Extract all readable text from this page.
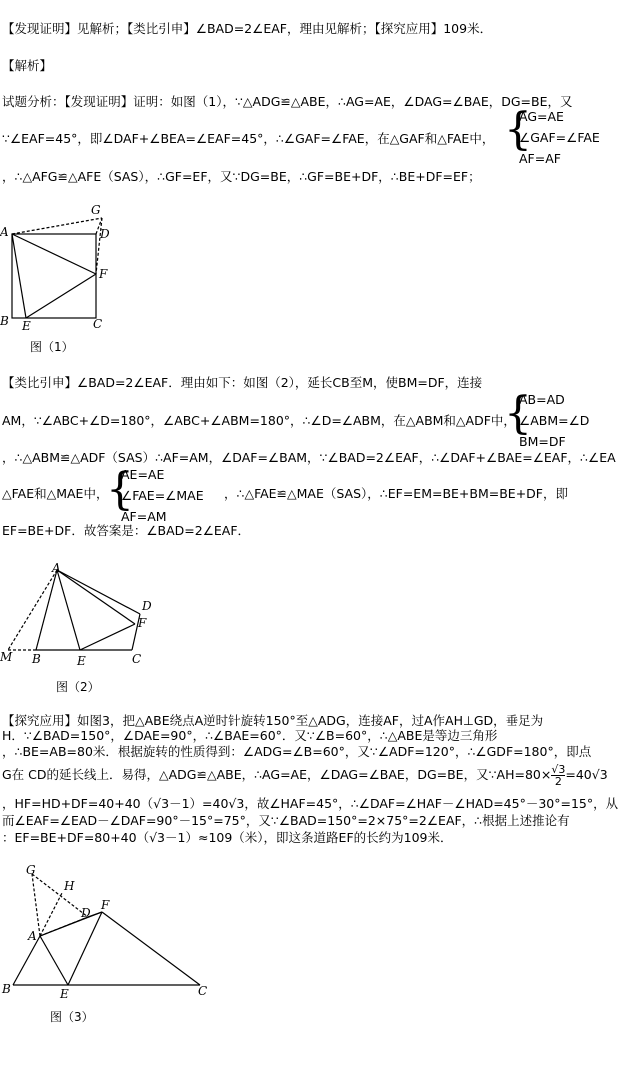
【发现证明】见解析；【类比引申】∠BAD=2∠EAF，理由见解析；【探究应用】109米．
【解析】
试题分析：【发现证明】证明：如图（1），∵△ADG≌△ABE，∴AG=AE，∠DAG=∠BAE，DG=BE，又
∵∠EAF=45°，即∠DAF+∠BEA=∠EAF=45°，∴∠GAF=∠FAE，在△GAF和△FAE中， {
AG=AE
∠GAF=∠FAE
AF=AF
，∴△AFG≌△AFE（SAS），∴GF=EF，又∵DG=BE，∴GF=BE+DF，∴BE+DF=EF；
A
B	C
D
E
F
G
图（1）
【类比引申】∠BAD=2∠EAF．理由如下：如图（2），延长CB至M，使BM=DF，连接
{
AB=AD
∠ABM=∠D
BM=DF
AM，∵∠ABC+∠D=180°，∠ABC+∠ABM=180°，∴∠D=∠ABM，在△ABM和△ADF中，
，∴△ABM≌△ADF（SAS）∴AF=AM，∠DAF=∠BAM，∵∠BAD=2∠EAF，∴∠DAF+∠BAE=∠EAF，∴∠EA
△FAE和△MAE中，
{
AE=AE
∠FAE=∠MAE
AF=AM
，∴△FAE≌△MAE（SAS），∴EF=EM=BE+BM=BE+DF，即
EF=BE+DF．故答案是：∠BAD=2∠EAF．
A
B	C
D
E
F
M
图（2）
【探究应用】如图3，把△ABE绕点A逆时针旋转150°至△ADG，连接AF，过A作AH⊥GD，垂足为
H．∵∠BAD=150°，∠DAE=90°，∴∠BAE=60°．又∵∠B=60°，∴△ABE是等边三角形
，∴BE=AB=80米．根据旋转的性质得到：∠ADG=∠B=60°，又∵∠ADF=120°，∴∠GDF=180°，即点
G在 CD的延长线上．易得，△ADG≌△ABE，∴AG=AE，∠DAG=∠BAE，DG=BE，又∵AH=80× $\frac{√3}{2} =40√3$
，HF=HD+DF=40+40（√3－1）=40√3，故∠HAF=45°，∴∠DAF=∠HAF－∠HAD=45°－30°=15°，从
而∠EAF=∠EAD－∠DAF=90°－15°=75°，又∵∠BAD=150°=2×75°=2∠EAF，∴根据上述推论有
：EF=BE+DF=80+40（√3－1）≈109（米），即这条道路EF的长约为109米．
G
H
D
F
A
B	C
E
图（3）
